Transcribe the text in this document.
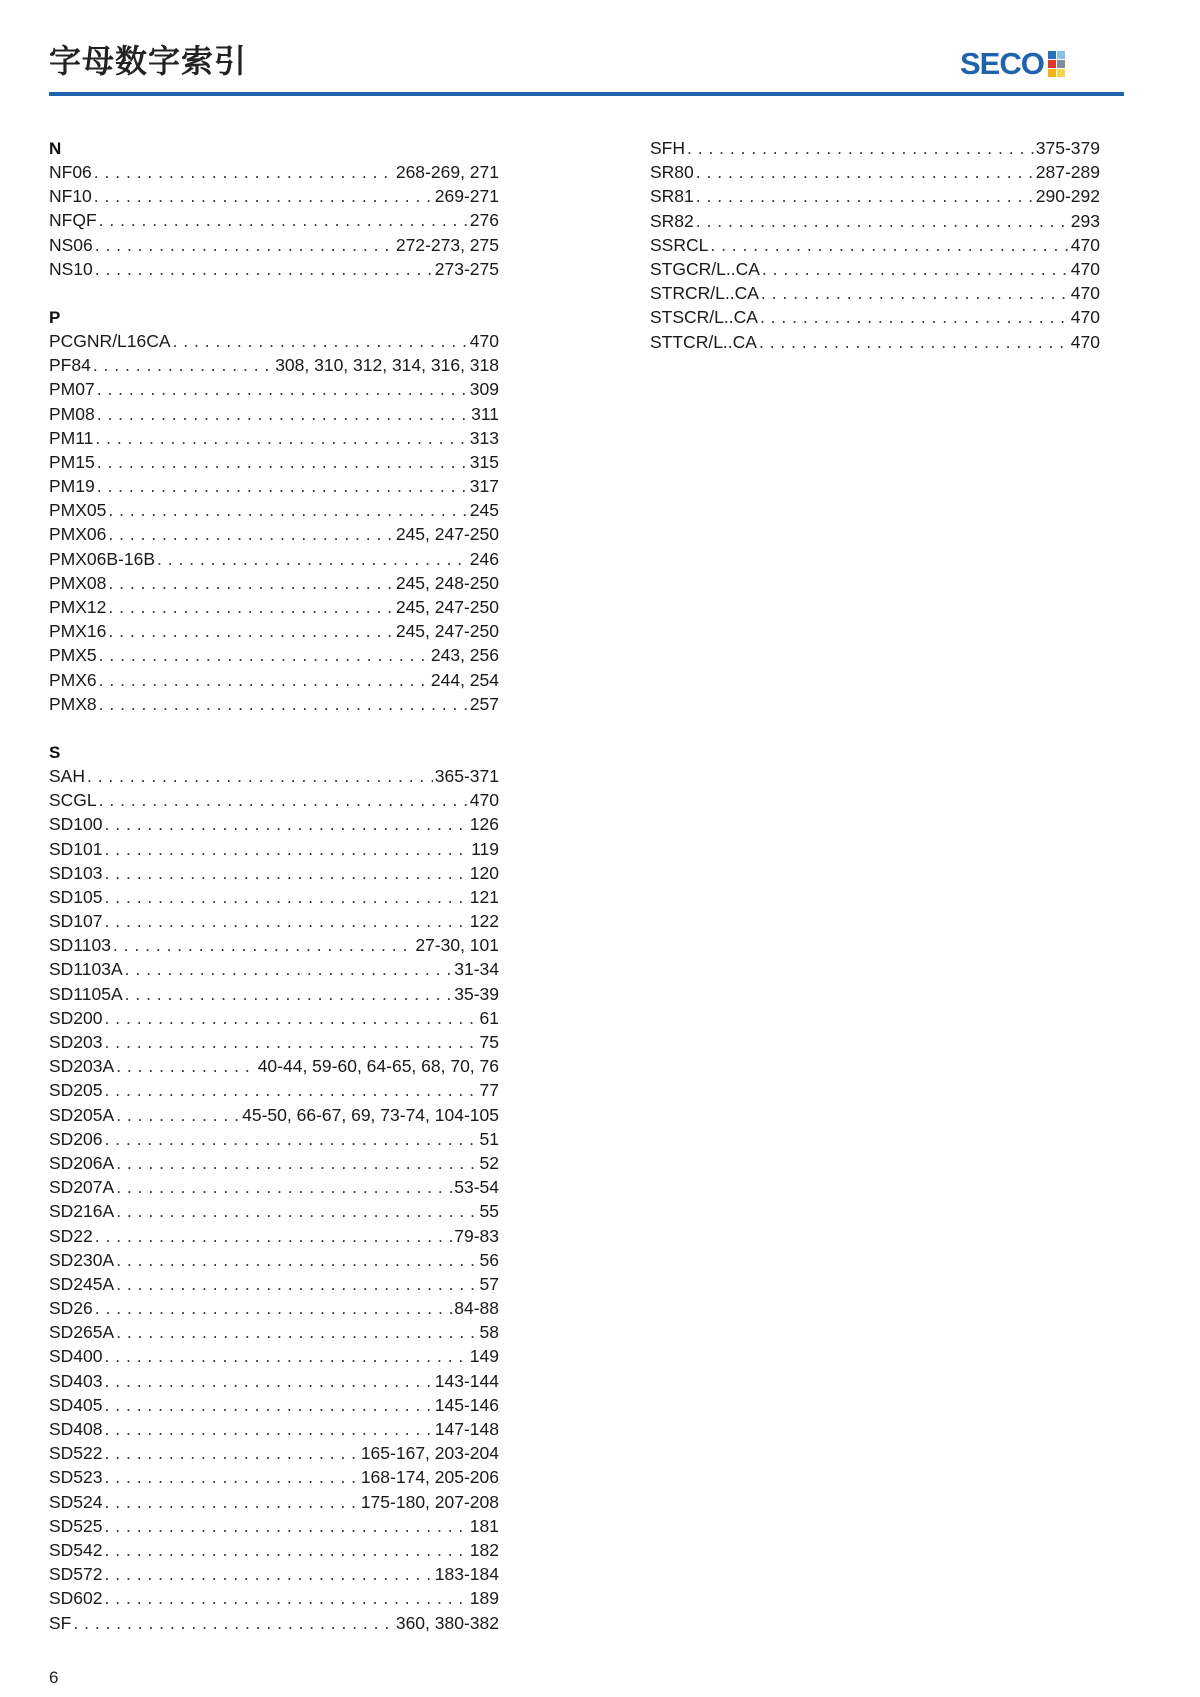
字母数字索引	SECO
N
NF06 . . .	268-269, 271
NF10 . . .	269-271
NFQF . . .	276
NS06 . . .	272-273, 275
NS10 . . .	273-275
P
PCGNR/L16CA . . .	470
PF84 . . .	308, 310, 312, 314, 316, 318
PM07 . . .	309
PM08 . . .	311
PM11 . . .	313
PM15 . . .	315
PM19 . . .	317
PMX05 . . .	245
PMX06 . . .	245, 247-250
PMX06B-16B . . .	246
PMX08 . . .	245, 248-250
PMX12 . . .	245, 247-250
PMX16 . . .	245, 247-250
PMX5 . . .	243, 256
PMX6 . . .	244, 254
PMX8 . . .	257
S
SAH . . .	365-371
SCGL . . .	470
SD100 . . .	126
SD101 . . .	119
SD103 . . .	120
SD105 . . .	121
SD107 . . .	122
SD1103 . . .	27-30, 101
SD1103A . . .	31-34
SD1105A . . .	35-39
SD200 . . .	61
SD203 . . .	75
SD203A . . .	40-44, 59-60, 64-65, 68, 70, 76
SD205 . . .	77
SD205A . . .	45-50, 66-67, 69, 73-74, 104-105
SD206 . . .	51
SD206A . . .	52
SD207A . . .	53-54
SD216A . . .	55
SD22 . . .	79-83
SD230A . . .	56
SD245A . . .	57
SD26 . . .	84-88
SD265A . . .	58
SD400 . . .	149
SD403 . . .	143-144
SD405 . . .	145-146
SD408 . . .	147-148
SD522 . . .	165-167, 203-204
SD523 . . .	168-174, 205-206
SD524 . . .	175-180, 207-208
SD525 . . .	181
SD542 . . .	182
SD572 . . .	183-184
SD602 . . .	189
SF . . .	360, 380-382
SFH . . .	375-379
SR80 . . .	287-289
SR81 . . .	290-292
SR82 . . .	293
SSRCL . . .	470
STGCR/L..CA . . .	470
STRCR/L..CA . . .	470
STSCR/L..CA . . .	470
STTCR/L..CA . . .	470
6
